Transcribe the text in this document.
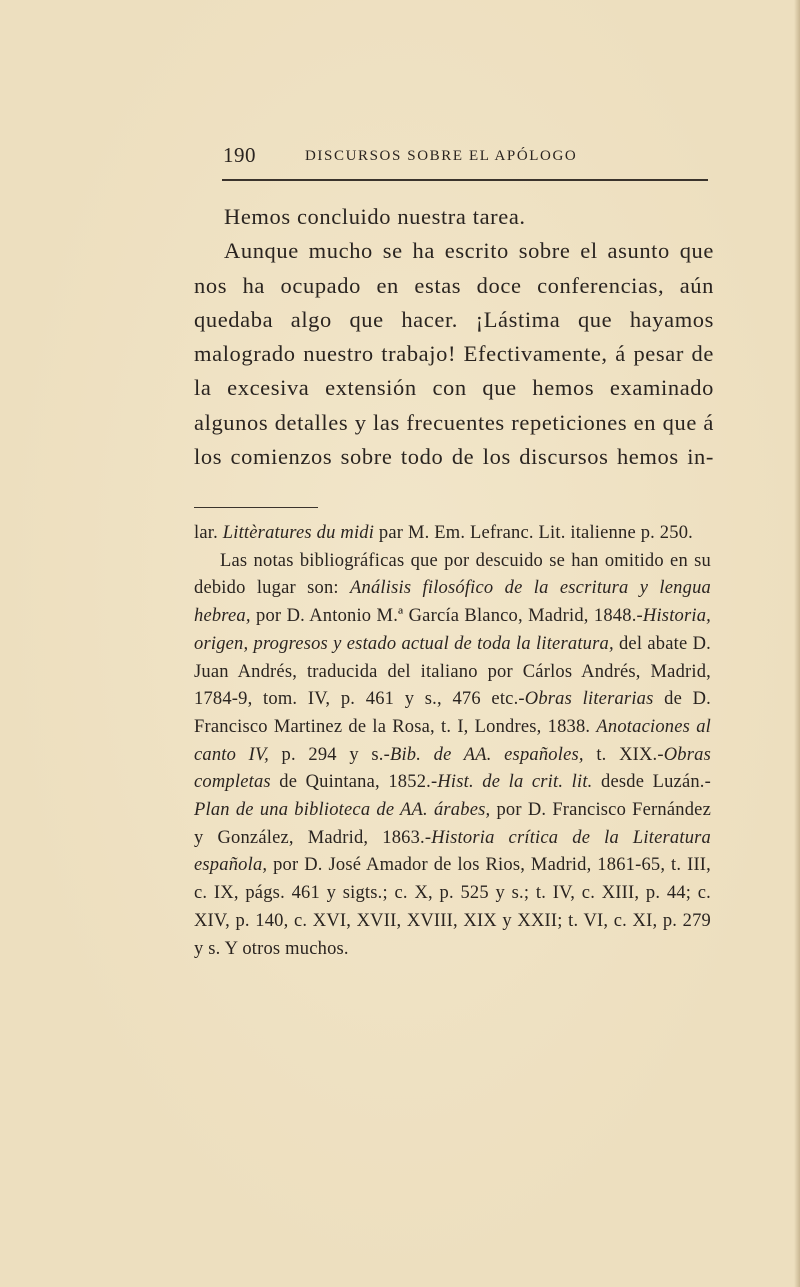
190	DISCURSOS SOBRE EL APÓLOGO

Hemos concluido nuestra tarea.

Aunque mucho se ha escrito sobre el asunto que nos ha ocupado en estas doce conferencias, aún quedaba algo que hacer. ¡Lástima que hayamos malogrado nuestro trabajo! Efectivamente, á pesar de la excesiva extensión con que hemos examinado algunos detalles y las frecuentes repeticiones en que á los comienzos sobre todo de los discursos hemos in-

lar. Littèratures du midi par M. Em. Lefranc. Lit. italienne p. 250.

Las notas bibliográficas que por descuido se han omitido en su debido lugar son: Análisis filosófico de la escritura y lengua hebrea, por D. Antonio M.ª García Blanco, Madrid, 1848.-Historia, origen, progresos y estado actual de toda la literatura, del abate D. Juan Andrés, traducida del italiano por Cárlos Andrés, Madrid, 1784-9, tom. IV, p. 461 y s., 476 etc.-Obras literarias de D. Francisco Martinez de la Rosa, t. I, Londres, 1838. Anotaciones al canto IV, p. 294 y s.-Bib. de AA. españoles, t. XIX.-Obras completas de Quintana, 1852.-Hist. de la crit. lit. desde Luzán.-Plan de una biblioteca de AA. árabes, por D. Francisco Fernández y González, Madrid, 1863.-Historia crítica de la Literatura española, por D. José Amador de los Rios, Madrid, 1861-65, t. III, c. IX, págs. 461 y sigts.; c. X, p. 525 y s.; t. IV, c. XIII, p. 44; c. XIV, p. 140, c. XVI, XVII, XVIII, XIX y XXII; t. VI, c. XI, p. 279 y s. Y otros muchos.
